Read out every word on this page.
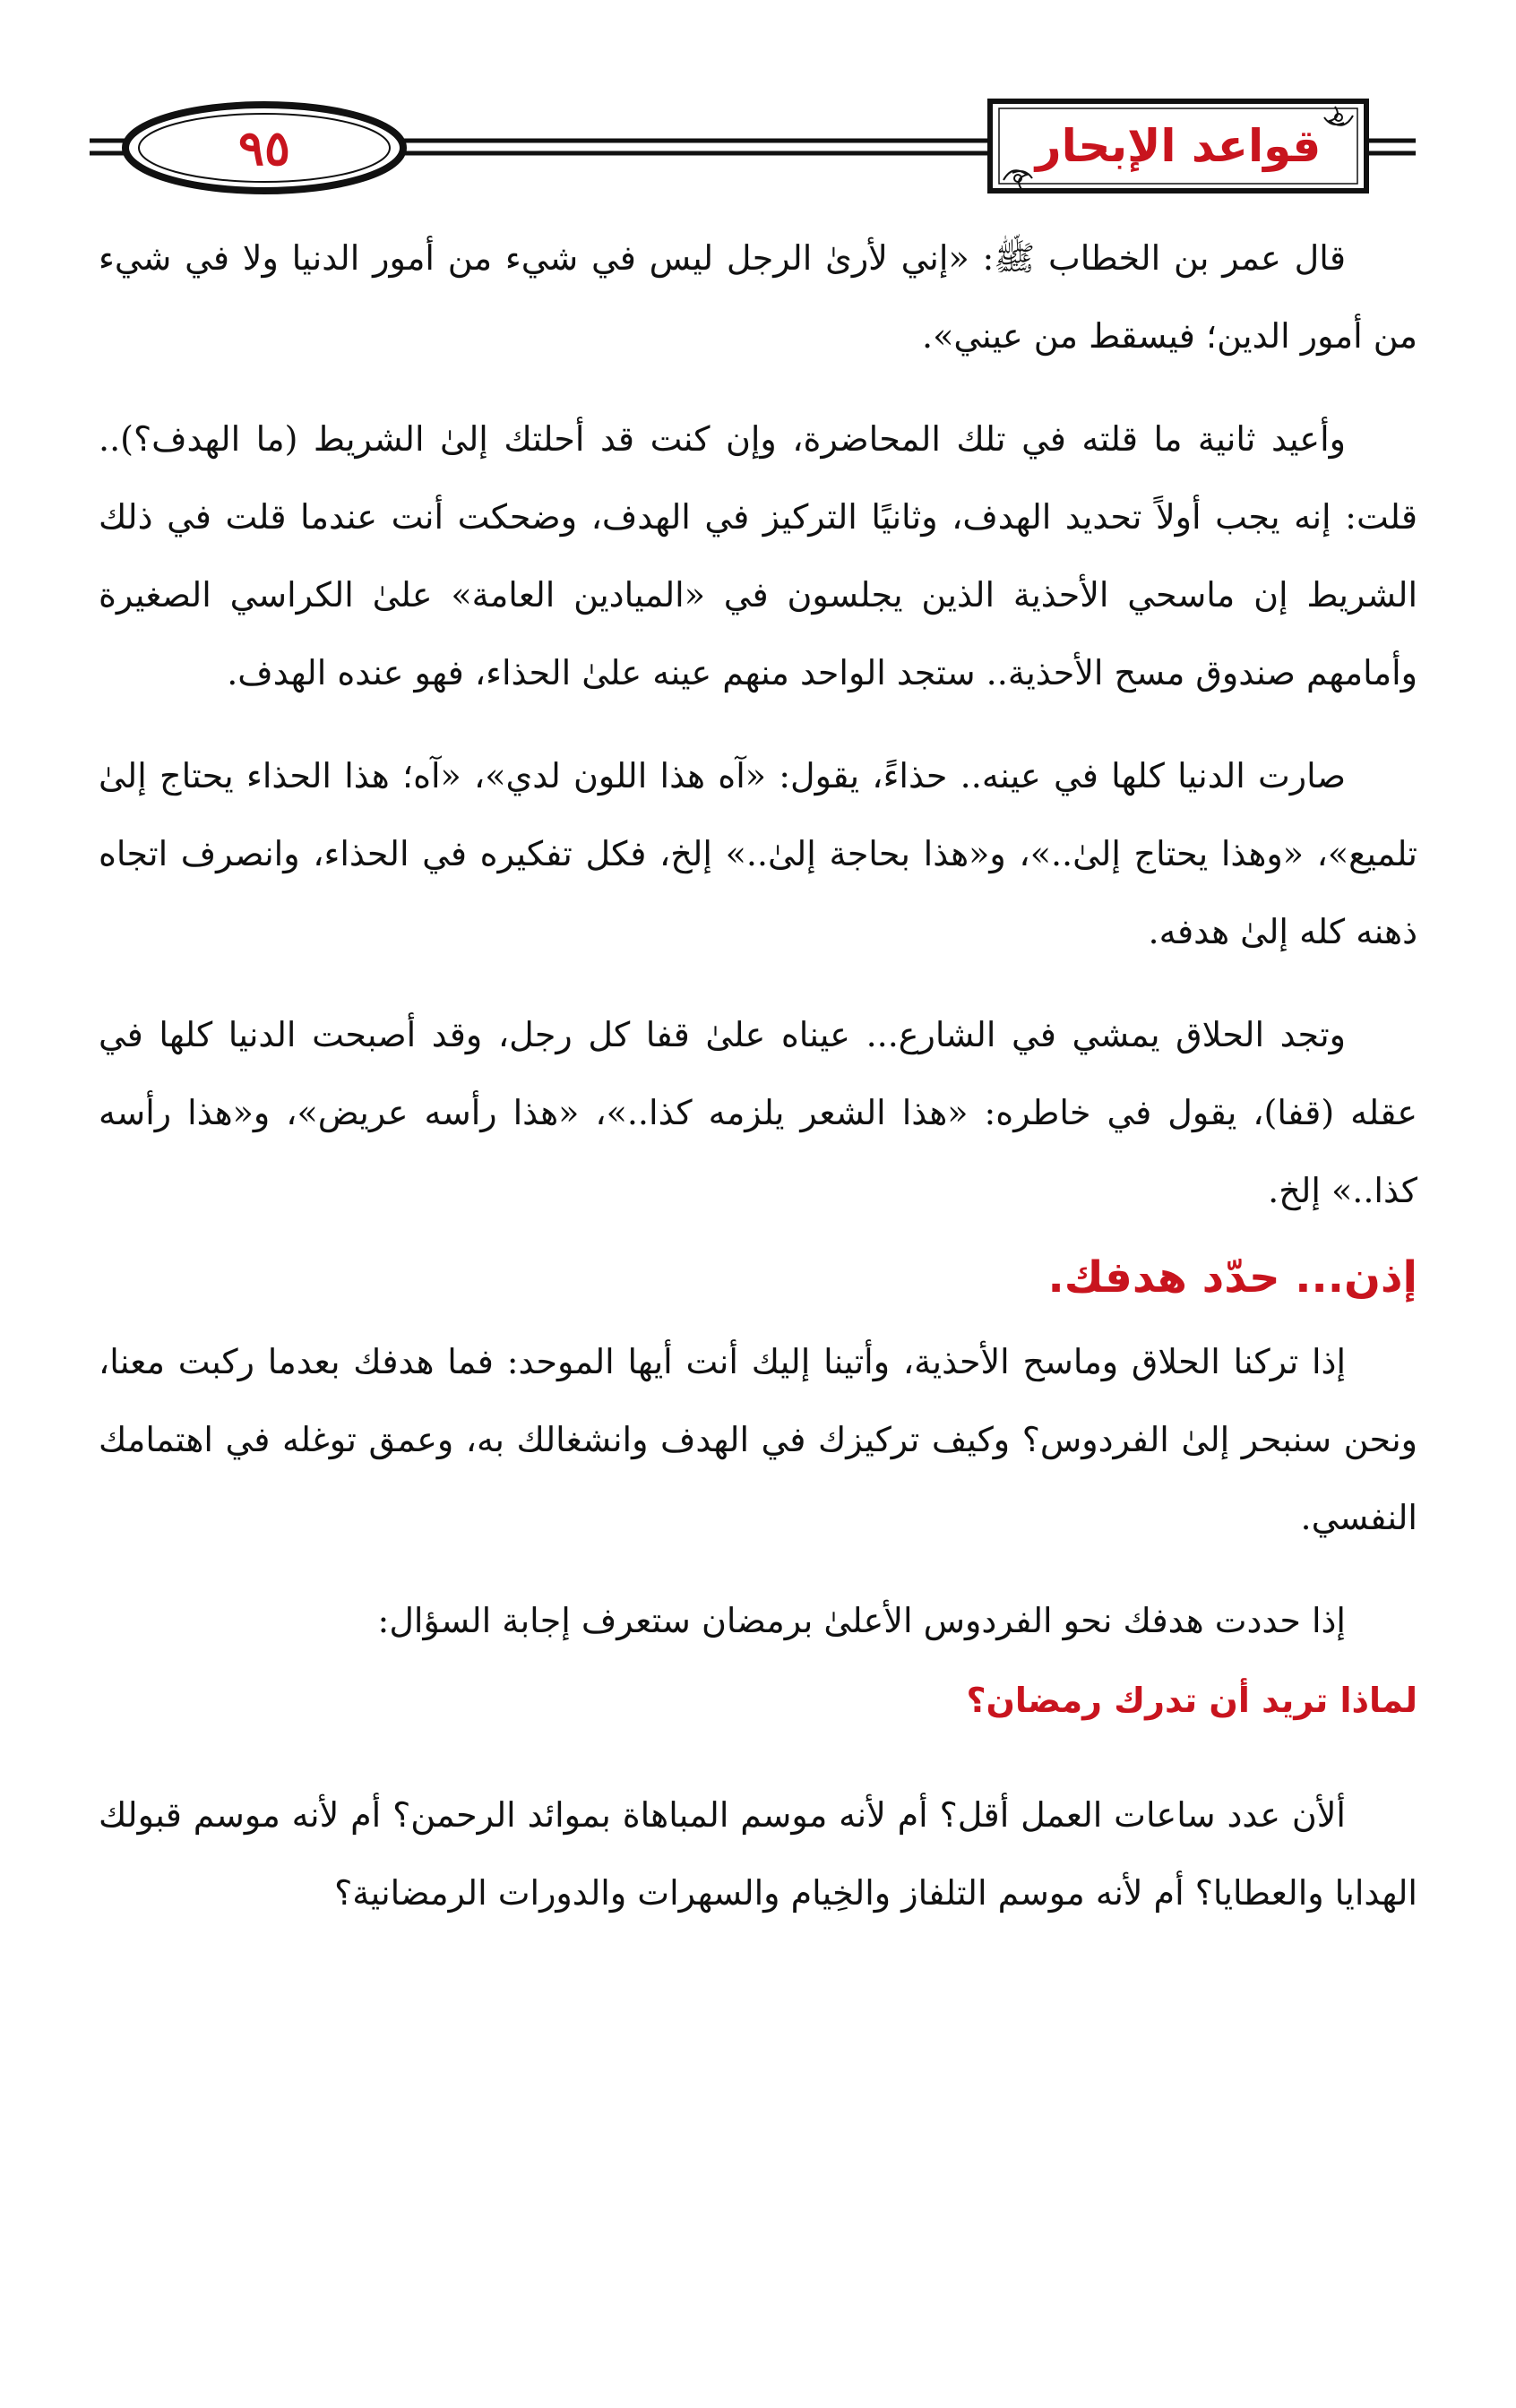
٩٥	قواعد الإبحار

قال عمر بن الخطاب ﷺ: «إني لأرىٰ الرجل ليس في شيء من أمور الدنيا ولا في شيء من أمور الدين؛ فيسقط من عيني».

وأعيد ثانية ما قلته في تلك المحاضرة، وإن كنت قد أحلتك إلىٰ الشريط (ما الهدف؟).. قلت: إنه يجب أولاً تحديد الهدف، وثانيًا التركيز في الهدف، وضحكت أنت عندما قلت في ذلك الشريط إن ماسحي الأحذية الذين يجلسون في «الميادين العامة» علىٰ الكراسي الصغيرة وأمامهم صندوق مسح الأحذية.. ستجد الواحد منهم عينه علىٰ الحذاء، فهو عنده الهدف.

صارت الدنيا كلها في عينه.. حذاءً، يقول: «آه هذا اللون لدي»، «آه؛ هذا الحذاء يحتاج إلىٰ تلميع»، «وهذا يحتاج إلىٰ..»، و«هذا بحاجة إلىٰ..» إلخ، فكل تفكيره في الحذاء، وانصرف اتجاه ذهنه كله إلىٰ هدفه.

وتجد الحلاق يمشي في الشارع... عيناه علىٰ قفا كل رجل، وقد أصبحت الدنيا كلها في عقله (قفا)، يقول في خاطره: «هذا الشعر يلزمه كذا..»، «هذا رأسه عريض»، و«هذا رأسه كذا..» إلخ.

إذن... حدّد هدفك.

إذا تركنا الحلاق وماسح الأحذية، وأتينا إليك أنت أيها الموحد: فما هدفك بعدما ركبت معنا، ونحن سنبحر إلىٰ الفردوس؟ وكيف تركيزك في الهدف وانشغالك به، وعمق توغله في اهتمامك النفسي.

إذا حددت هدفك نحو الفردوس الأعلىٰ برمضان ستعرف إجابة السؤال:

لماذا تريد أن تدرك رمضان؟

ألأن عدد ساعات العمل أقل؟ أم لأنه موسم المباهاة بموائد الرحمن؟ أم لأنه موسم قبولك الهدايا والعطايا؟ أم لأنه موسم التلفاز والخِيام والسهرات والدورات الرمضانية؟
